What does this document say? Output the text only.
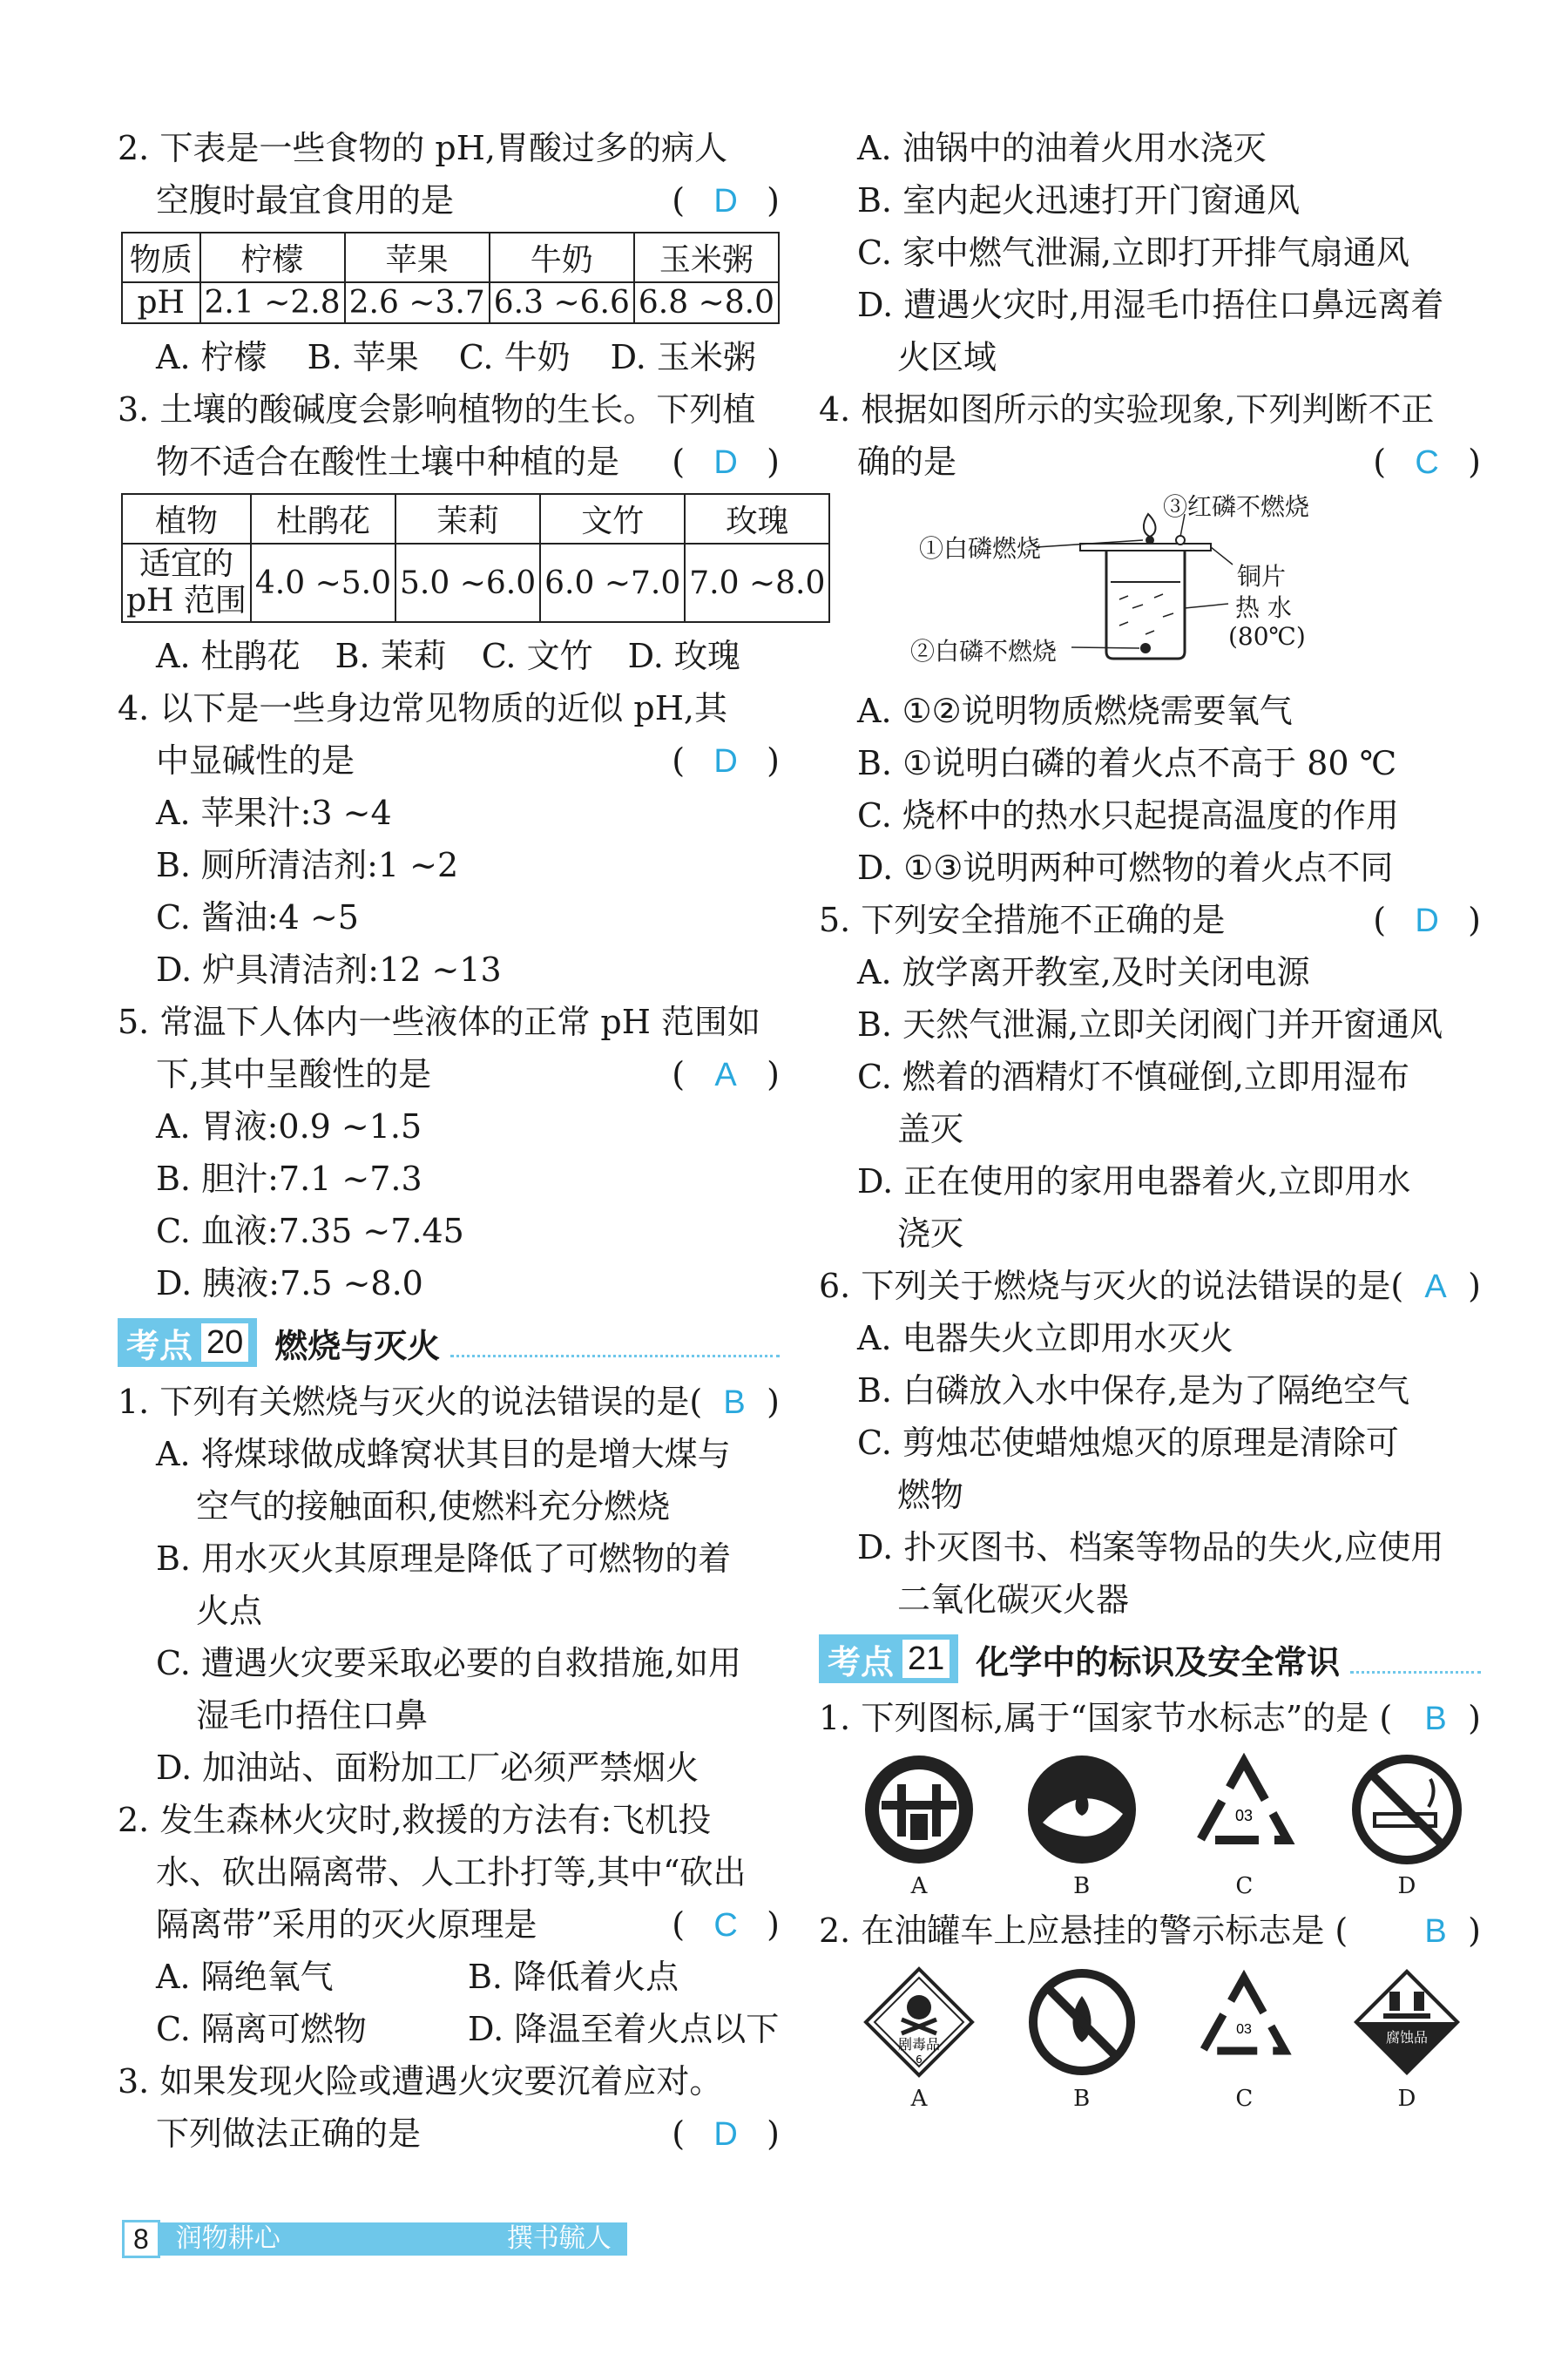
2. 下表是一些食物的 pH,胃酸过多的病人
空腹时最宜食用的是	( D )
物质	柠檬	苹果	牛奶	玉米粥
pH	2.1 ~2.8	2.6 ~3.7	6.3 ~6.6	6.8 ~8.0
A. 柠檬 B. 苹果 C. 牛奶 D. 玉米粥
3. 土壤的酸碱度会影响植物的生长。下列植
物不适合在酸性土壤中种植的是	( D )
植物	杜鹃花	茉莉	文竹	玫瑰

适宜的
pH 范围	4.0 ~5.0	5.0 ~6.0	6.0 ~7.0	7.0 ~8.0
A. 杜鹃花 B. 茉莉 C. 文竹 D. 玫瑰
4. 以下是一些身边常见物质的近似 pH,其
中显碱性的是	( D )
A. 苹果汁:3 ~4
B. 厕所清洁剂:1 ~2
C. 酱油:4 ~5
D. 炉具清洁剂:12 ~13
5. 常温下人体内一些液体的正常 pH 范围如
下,其中呈酸性的是	( A )
A. 胃液:0.9 ~1.5
B. 胆汁:7.1 ~7.3
C. 血液:7.35 ~7.45
D. 胰液:7.5 ~8.0
考点 20 燃烧与灭火
1. 下列有关燃烧与灭火的说法错误的是( B )
A. 将煤球做成蜂窝状其目的是增大煤与
空气的接触面积,使燃料充分燃烧
B. 用水灭火其原理是降低了可燃物的着
火点
C. 遭遇火灾要采取必要的自救措施,如用
湿毛巾捂住口鼻
D. 加油站、面粉加工厂必须严禁烟火
2. 发生森林火灾时,救援的方法有:飞机投
水、砍出隔离带、人工扑打等,其中“砍出
隔离带”采用的灭火原理是	( C )
A. 隔绝氧气	B. 降低着火点
C. 隔离可燃物	D. 降温至着火点以下
3. 如果发现火险或遭遇火灾要沉着应对。
下列做法正确的是	( D )
A. 油锅中的油着火用水浇灭
B. 室内起火迅速打开门窗通风
C. 家中燃气泄漏,立即打开排气扇通风
D. 遭遇火灾时,用湿毛巾捂住口鼻远离着
火区域
4. 根据如图所示的实验现象,下列判断不正
确的是	( C )
③红磷不燃烧
①白磷燃烧
铜片
热 水
(80℃)
②白磷不燃烧
A. ①②说明物质燃烧需要氧气
B. ①说明白磷的着火点不高于 80 ℃
C. 烧杯中的热水只起提高温度的作用
D. ①③说明两种可燃物的着火点不同
5. 下列安全措施不正确的是	( D )
A. 放学离开教室,及时关闭电源
B. 天然气泄漏,立即关闭阀门并开窗通风
C. 燃着的酒精灯不慎碰倒,立即用湿布
盖灭
D. 正在使用的家用电器着火,立即用水
浇灭
6. 下列关于燃烧与灭火的说法错误的是( A )
A. 电器失火立即用水灭火
B. 白磷放入水中保存,是为了隔绝空气
C. 剪烛芯使蜡烛熄灭的原理是清除可
燃物
D. 扑灭图书、档案等物品的失火,应使用
二氧化碳灭火器
考点 21 化学中的标识及安全常识
1. 下列图标,属于“国家节水标志”的是 ( B )
A	B
03
C	D
2. 在油罐车上应悬挂的警示标志是 (	B )
剧毒品
6
A	B
03
C
腐蚀品
D
8	润物耕心	撰书毓人
